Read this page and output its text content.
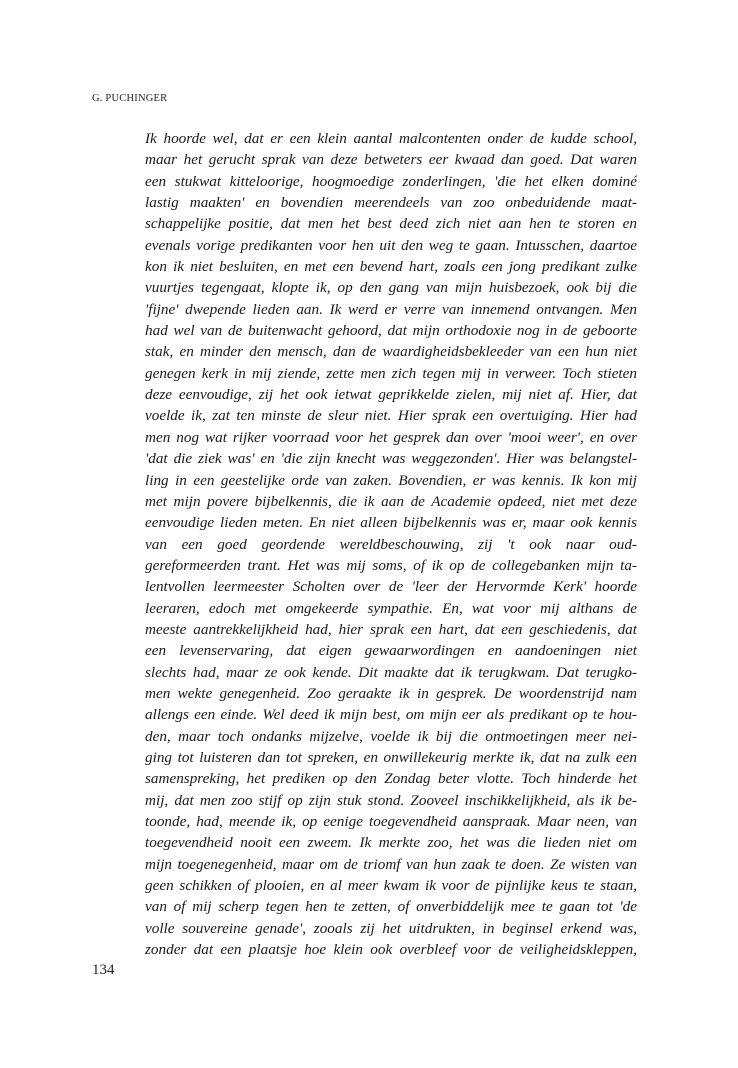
G. PUCHINGER
Ik hoorde wel, dat er een klein aantal malcontenten onder de kudde school,
maar het gerucht sprak van deze betweters eer kwaad dan goed. Dat waren
een stukwat kitteloorige, hoogmoedige zonderlingen, 'die het elken dominé
lastig maakten' en bovendien meerendeels van zoo onbeduidende maat-
schappelijke positie, dat men het best deed zich niet aan hen te storen en
evenals vorige predikanten voor hen uit den weg te gaan. Intusschen, daartoe
kon ik niet besluiten, en met een bevend hart, zoals een jong predikant zulke
vuurtjes tegengaat, klopte ik, op den gang van mijn huisbezoek, ook bij die
'fijne' dwepende lieden aan. Ik werd er verre van innemend ontvangen. Men
had wel van de buitenwacht gehoord, dat mijn orthodoxie nog in de geboorte
stak, en minder den mensch, dan de waardigheidsbekleeder van een hun niet
genegen kerk in mij ziende, zette men zich tegen mij in verweer. Toch stieten
deze eenvoudige, zij het ook ietwat geprikkelde zielen, mij niet af. Hier, dat
voelde ik, zat ten minste de sleur niet. Hier sprak een overtuiging. Hier had
men nog wat rijker voorraad voor het gesprek dan over 'mooi weer', en over
'dat die ziek was' en 'die zijn knecht was weggezonden'. Hier was belangstel-
ling in een geestelijke orde van zaken. Bovendien, er was kennis. Ik kon mij
met mijn povere bijbelkennis, die ik aan de Academie opdeed, niet met deze
eenvoudige lieden meten. En niet alleen bijbelkennis was er, maar ook kennis
van een goed geordende wereldbeschouwing, zij 't ook naar oud-
gereformeerden trant. Het was mij soms, of ik op de collegebanken mijn ta-
lentvollen leermeester Scholten over de 'leer der Hervormde Kerk' hoorde
leeraren, edoch met omgekeerde sympathie. En, wat voor mij althans de
meeste aantrekkelijkheid had, hier sprak een hart, dat een geschiedenis, dat
een levenservaring, dat eigen gewaarwordingen en aandoeningen niet
slechts had, maar ze ook kende. Dit maakte dat ik terugkwam. Dat terugko-
men wekte genegenheid. Zoo geraakte ik in gesprek. De woordenstrijd nam
allengs een einde. Wel deed ik mijn best, om mijn eer als predikant op te hou-
den, maar toch ondanks mijzelve, voelde ik bij die ontmoetingen meer nei-
ging tot luisteren dan tot spreken, en onwillekeurig merkte ik, dat na zulk een
samenspreking, het prediken op den Zondag beter vlotte. Toch hinderde het
mij, dat men zoo stijf op zijn stuk stond. Zooveel inschikkelijkheid, als ik be-
toonde, had, meende ik, op eenige toegevendheid aanspraak. Maar neen, van
toegevendheid nooit een zweem. Ik merkte zoo, het was die lieden niet om
mijn toegenegenheid, maar om de triomf van hun zaak te doen. Ze wisten van
geen schikken of plooien, en al meer kwam ik voor de pijnlijke keus te staan,
van of mij scherp tegen hen te zetten, of onverbiddelijk mee te gaan tot 'de
volle souvereine genade', zooals zij het uitdrukten, in beginsel erkend was,
zonder dat een plaatsje hoe klein ook overbleef voor de veiligheidskleppen,
134
